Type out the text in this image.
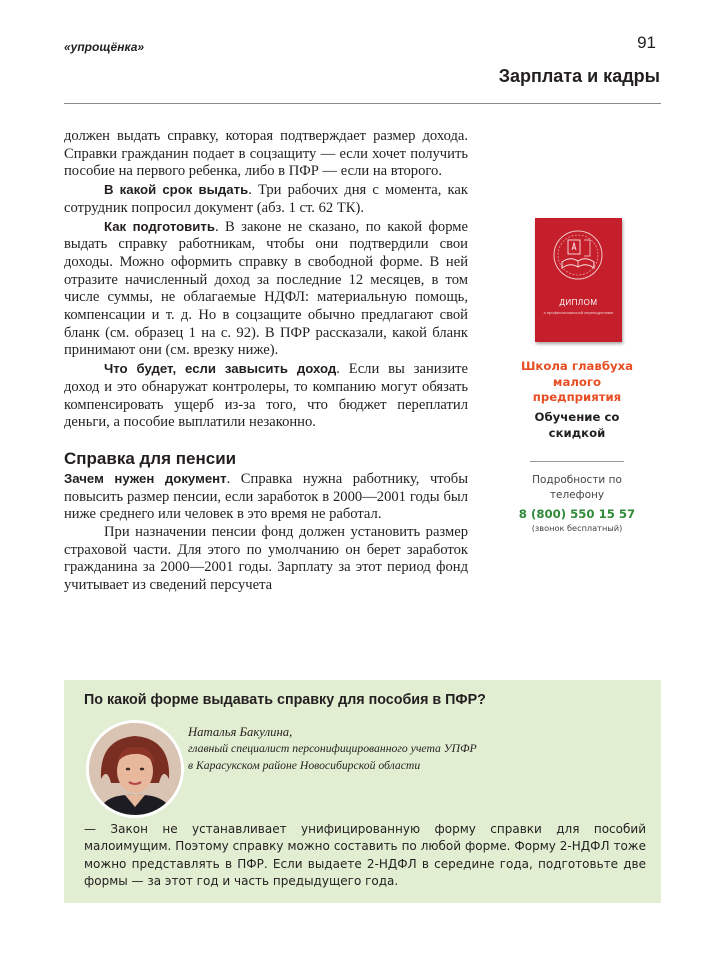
«упрощёнка»	91
Зарплата и кадры

должен выдать справку, которая подтверждает размер дохода. Справки гражданин подает в соцзащиту — если хочет получить пособие на первого ребенка, либо в ПФР — если на второго.

В какой срок выдать. Три рабочих дня с момента, как сотрудник попросил документ (абз. 1 ст. 62 ТК).

Как подготовить. В законе не сказано, по какой форме выдать справку работникам, чтобы они подтвердили свои доходы. Можно оформить справку в свободной форме. В ней отразите начисленный доход за последние 12 месяцев, в том числе суммы, не облагаемые НДФЛ: материальную помощь, компенсации и т. д. Но в соцзащите обычно предлагают свой бланк (см. образец 1 на с. 92). В ПФР рассказали, какой бланк принимают они (см. врезку ниже).

Что будет, если завысить доход. Если вы занизите доход и это обнаружат контролеры, то компанию могут обязать компенсировать ущерб из-за того, что бюджет переплатил деньги, а пособие выплатили незаконно.

Справка для пенсии

Зачем нужен документ. Справка нужна работнику, чтобы повысить размер пенсии, если заработок в 2000—2001 годы был ниже среднего или человек в это время не работал.

При назначении пенсии фонд должен установить размер страховой части. Для этого по умолчанию он берет заработок гражданина за 2000—2001 годы. Зарплату за этот период фонд учитывает из сведений персучета

ДИПЛОМ
о профессиональной переподготовке
Школа главбуха малого предприятия
Обучение со скидкой
Подробности по телефону
8 (800) 550 15 57
(звонок бесплатный)
По какой форме выдавать справку для пособия в ПФР?
Наталья Бакулина,
главный специалист персонифицированного учета УПФР
в Карасукском районе Новосибирской области
— Закон не устанавливает унифицированную форму справки для пособий малоимущим. Поэтому справку можно составить по любой форме. Форму 2-НДФЛ тоже можно представлять в ПФР. Если выдаете 2-НДФЛ в середине года, подготовьте две формы — за этот год и часть предыдущего года.
